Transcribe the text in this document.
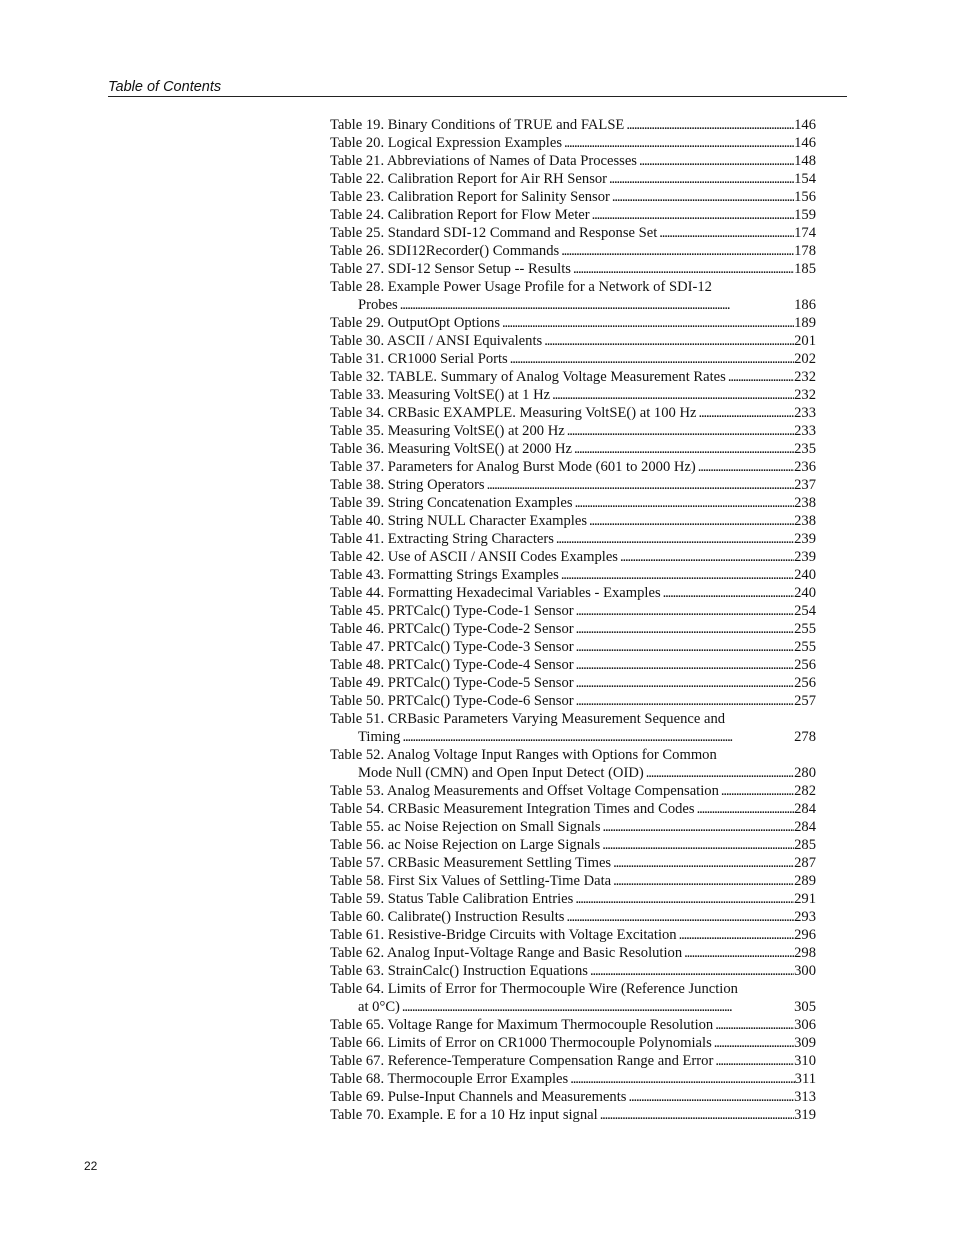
Table of Contents
Table 19. Binary Conditions of TRUE and FALSE . . .	146
Table 20. Logical Expression Examples . . .	146
Table 21. Abbreviations of Names of Data Processes . . .	148
Table 22. Calibration Report for Air RH Sensor . . .	154
Table 23. Calibration Report for Salinity Sensor . . .	156
Table 24. Calibration Report for Flow Meter . . .	159
Table 25. Standard SDI-12 Command and Response Set . . .	174
Table 26. SDI12Recorder() Commands . . .	178
Table 27. SDI-12 Sensor Setup -- Results . . .	185
Table 28. Example Power Usage Profile for a Network of SDI-12
Probes . . .	186
Table 29. OutputOpt Options . . .	189
Table 30. ASCII / ANSI Equivalents . . .	201
Table 31. CR1000 Serial Ports . . .	202
Table 32. TABLE. Summary of Analog Voltage Measurement Rates . . .	232
Table 33. Measuring VoltSE() at 1 Hz . . .	232
Table 34. CRBasic EXAMPLE. Measuring VoltSE() at 100 Hz . . .	233
Table 35. Measuring VoltSE() at 200 Hz . . .	233
Table 36. Measuring VoltSE() at 2000 Hz . . .	235
Table 37. Parameters for Analog Burst Mode (601 to 2000 Hz) . . .	236
Table 38. String Operators . . .	237
Table 39. String Concatenation Examples . . .	238
Table 40. String NULL Character Examples . . .	238
Table 41. Extracting String Characters . . .	239
Table 42. Use of ASCII / ANSII Codes Examples . . .	239
Table 43. Formatting Strings Examples . . .	240
Table 44. Formatting Hexadecimal Variables - Examples . . .	240
Table 45. PRTCalc() Type-Code-1 Sensor . . .	254
Table 46. PRTCalc() Type-Code-2 Sensor . . .	255
Table 47. PRTCalc() Type-Code-3 Sensor . . .	255
Table 48. PRTCalc() Type-Code-4 Sensor . . .	256
Table 49. PRTCalc() Type-Code-5 Sensor . . .	256
Table 50. PRTCalc() Type-Code-6 Sensor . . .	257
Table 51. CRBasic Parameters Varying Measurement Sequence and
Timing . . .	278
Table 52. Analog Voltage Input Ranges with Options for Common
Mode Null (CMN) and Open Input Detect (OID) . . .	280
Table 53. Analog Measurements and Offset Voltage Compensation . . .	282
Table 54. CRBasic Measurement Integration Times and Codes . . .	284
Table 55. ac Noise Rejection on Small Signals . . .	284
Table 56. ac Noise Rejection on Large Signals . . .	285
Table 57. CRBasic Measurement Settling Times . . .	287
Table 58. First Six Values of Settling-Time Data . . .	289
Table 59. Status Table Calibration Entries . . .	291
Table 60. Calibrate() Instruction Results . . .	293
Table 61. Resistive-Bridge Circuits with Voltage Excitation . . .	296
Table 62. Analog Input-Voltage Range and Basic Resolution . . .	298
Table 63. StrainCalc() Instruction Equations . . .	300
Table 64. Limits of Error for Thermocouple Wire (Reference Junction
at 0°C) . . .	305
Table 65. Voltage Range for Maximum Thermocouple Resolution . . .	306
Table 66. Limits of Error on CR1000 Thermocouple Polynomials . . .	309
Table 67. Reference-Temperature Compensation Range and Error . . .	310
Table 68. Thermocouple Error Examples . . .	311
Table 69. Pulse-Input Channels and Measurements . . .	313
Table 70. Example. E for a 10 Hz input signal . . .	319
22
